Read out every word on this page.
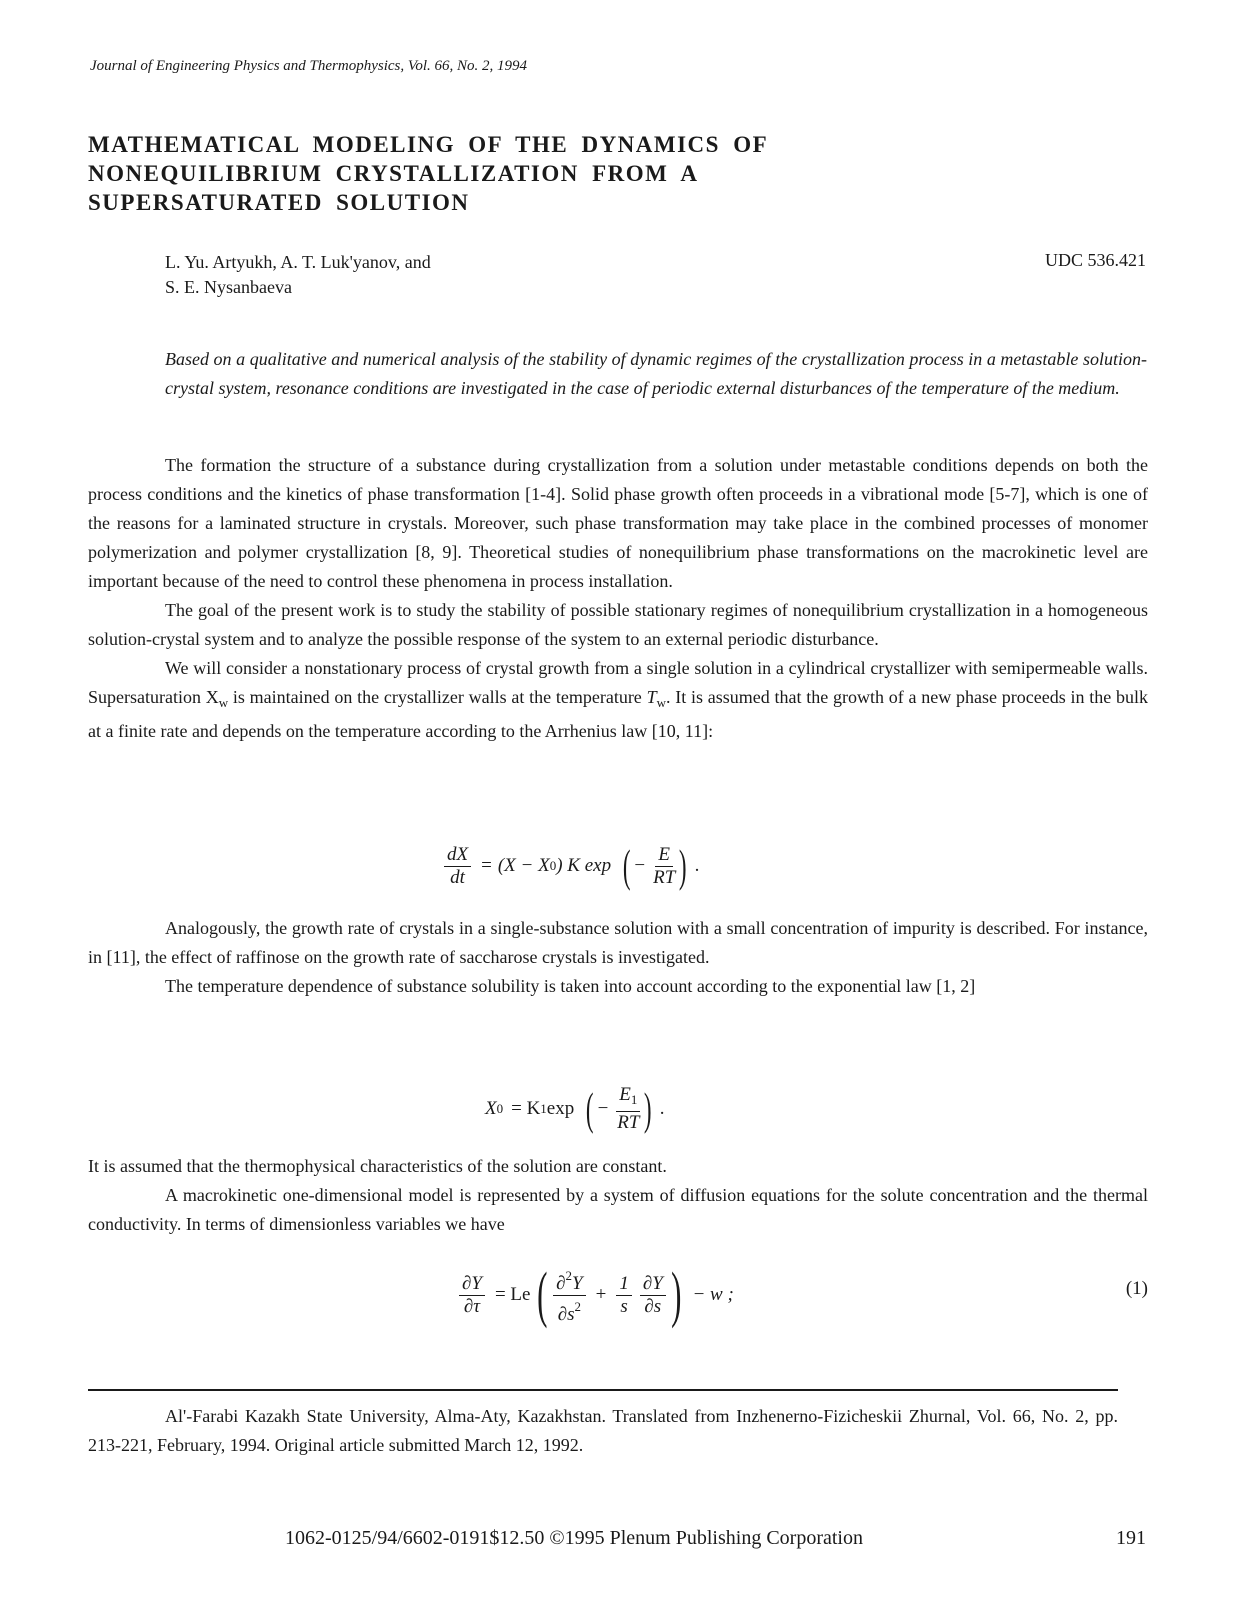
Journal of Engineering Physics and Thermophysics, Vol. 66, No. 2, 1994
MATHEMATICAL MODELING OF THE DYNAMICS OF
NONEQUILIBRIUM CRYSTALLIZATION FROM A
SUPERSATURATED SOLUTION
L. Yu. Artyukh, A. T. Luk'yanov, and
S. E. Nysanbaeva
UDC 536.421
Based on a qualitative and numerical analysis of the stability of dynamic regimes of the crystallization process in a metastable solution-crystal system, resonance conditions are investigated in the case of periodic external disturbances of the temperature of the medium.

The formation the structure of a substance during crystallization from a solution under metastable conditions depends on both the process conditions and the kinetics of phase transformation [1-4]. Solid phase growth often proceeds in a vibrational mode [5-7], which is one of the reasons for a laminated structure in crystals. Moreover, such phase transformation may take place in the combined processes of monomer polymerization and polymer crystallization [8, 9]. Theoretical studies of nonequilibrium phase transformations on the macrokinetic level are important because of the need to control these phenomena in process installation.

The goal of the present work is to study the stability of possible stationary regimes of nonequilibrium crystallization in a homogeneous solution-crystal system and to analyze the possible response of the system to an external periodic disturbance.

We will consider a nonstationary process of crystal growth from a single solution in a cylindrical crystallizer with semipermeable walls. Supersaturation $X_w$ is maintained on the crystallizer walls at the temperature $T_w$. It is assumed that the growth of a new phase proceeds in the bulk at a finite rate and depends on the temperature according to the Arrhenius law [10, 11]:

$\frac{dX}{dt} = (X - X$ 0 ) K exp ( − $\frac{E}{RT}$ ) .

Analogously, the growth rate of crystals in a single-substance solution with a small concentration of impurity is described. For instance, in [11], the effect of raffinose on the growth rate of saccharose crystals is investigated.

The temperature dependence of substance solubility is taken into account according to the exponential law [1, 2]

X 0 = K 1 exp ( − $\frac{E_1}{RT}$ ) .

It is assumed that the thermophysical characteristics of the solution are constant.

A macrokinetic one-dimensional model is represented by a system of diffusion equations for the solute concentration and the thermal conductivity. In terms of dimensionless variables we have

$\frac{\partial Y}{\partial\tau} = Le$ ( $\frac{\partial^2Y}{\partial s^2} + \frac{1}{s} \frac{\partial Y}{\partial s}$ ) − w ;	(1)

Al'-Farabi Kazakh State University, Alma-Aty, Kazakhstan. Translated from Inzhenerno-Fizicheskii Zhurnal, Vol. 66, No. 2, pp. 213-221, February, 1994. Original article submitted March 12, 1992.

1062-0125/94/6602-0191$12.50 ©1995 Plenum Publishing Corporation	191
